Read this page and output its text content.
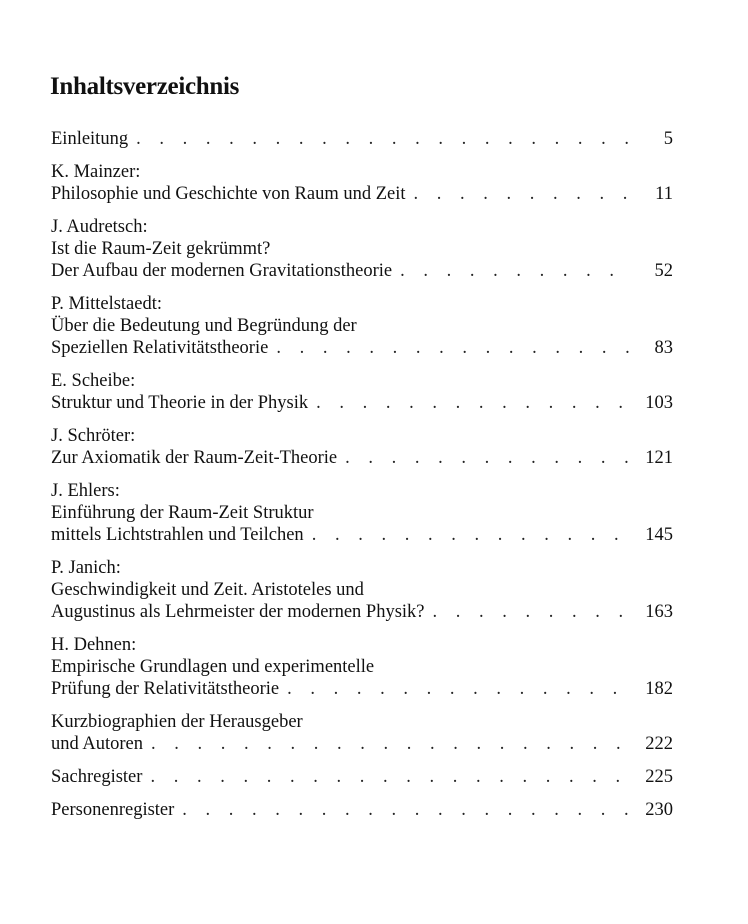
Inhaltsverzeichnis
Einleitung . . .	5
K. Mainzer:
Philosophie und Geschichte von Raum und Zeit . . .	11
J. Audretsch:
Ist die Raum-Zeit gekrümmt?
Der Aufbau der modernen Gravitationstheorie . . .	52
P. Mittelstaedt:
Über die Bedeutung und Begründung der
Speziellen Relativitätstheorie . . .	83
E. Scheibe:
Struktur und Theorie in der Physik . . .	103
J. Schröter:
Zur Axiomatik der Raum-Zeit-Theorie . . .	121
J. Ehlers:
Einführung der Raum-Zeit Struktur
mittels Lichtstrahlen und Teilchen . . .	145
P. Janich:
Geschwindigkeit und Zeit. Aristoteles und
Augustinus als Lehrmeister der modernen Physik? . . .	163
H. Dehnen:
Empirische Grundlagen und experimentelle
Prüfung der Relativitätstheorie . . .	182
Kurzbiographien der Herausgeber
und Autoren . . .	222
Sachregister . . .	225
Personenregister . . .	230
